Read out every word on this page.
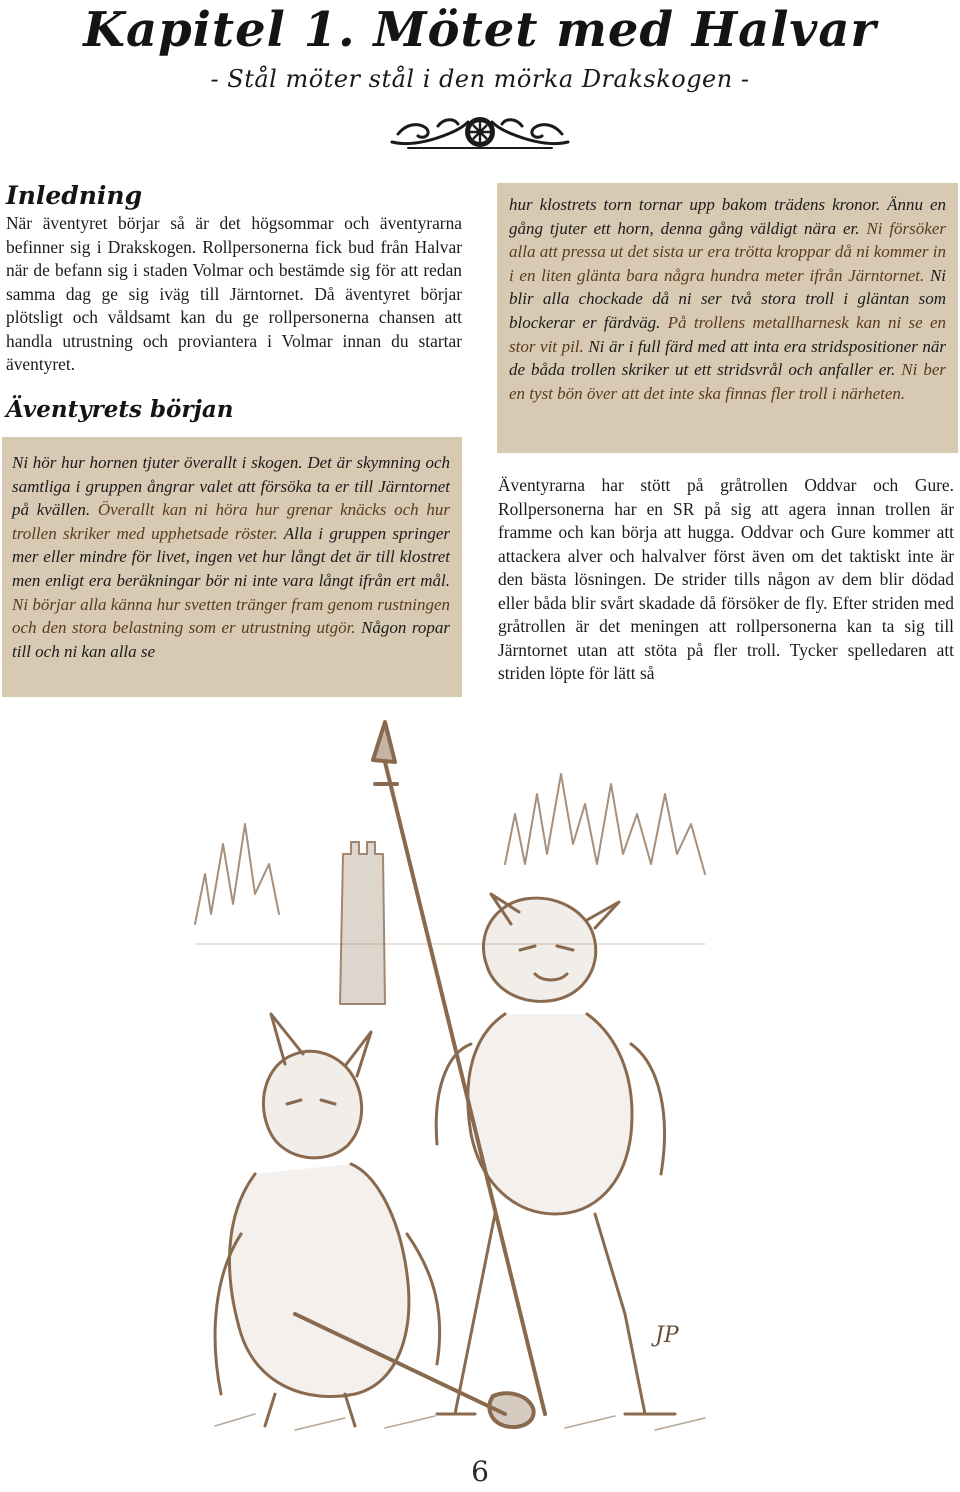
Kapitel 1. Mötet med Halvar
- Stål möter stål i den mörka Drakskogen -
Inledning

När äventyret börjar så är det högsommar och äventyrarna befinner sig i Drakskogen. Rollpersonerna fick bud från Halvar när de befann sig i staden Volmar och bestämde sig för att redan samma dag ge sig iväg till Järntornet. Då äventyret börjar plötsligt och våldsamt kan du ge rollpersonerna chansen att handla utrustning och proviantera i Volmar innan du startar äventyret.

Äventyrets början
Ni hör hur hornen tjuter överallt i skogen. Det är skymning och samtliga i gruppen ångrar valet att försöka ta er till Järntornet på kvällen. Överallt kan ni höra hur grenar knäcks och hur trollen skriker med upphetsade röster. Alla i gruppen springer mer eller mindre för livet, ingen vet hur långt det är till klostret men enligt era beräkningar bör ni inte vara långt ifrån ert mål. Ni börjar alla känna hur svetten tränger fram genom rustningen och den stora belastning som er utrustning utgör. Någon ropar till och ni kan alla se
hur klostrets torn tornar upp bakom trädens kronor. Ännu en gång tjuter ett horn, denna gång väldigt nära er. Ni försöker alla att pressa ut det sista ur era trötta kroppar då ni kommer in i en liten glänta bara några hundra meter ifrån Järntornet. Ni blir alla chockade då ni ser två stora troll i gläntan som blockerar er färdväg. På trollens metallharnesk kan ni se en stor vit pil. Ni är i full färd med att inta era stridspositioner när de båda trollen skriker ut ett stridsvrål och anfaller er. Ni ber en tyst bön över att det inte ska finnas fler troll i närheten.

Äventyrarna har stött på gråtrollen Oddvar och Gure. Rollpersonerna har en SR på sig att agera innan trollen är framme och kan börja att hugga. Oddvar och Gure kommer att attackera alver och halvalver först även om det taktiskt inte är den bästa lösningen. De strider tills någon av dem blir dödad eller båda blir svårt skadade då försöker de fly. Efter striden med gråtrollen är det meningen att rollpersonerna kan ta sig till Järntornet utan att stöta på fler troll. Tycker spelledaren att striden löpte för lätt så

JP
6
